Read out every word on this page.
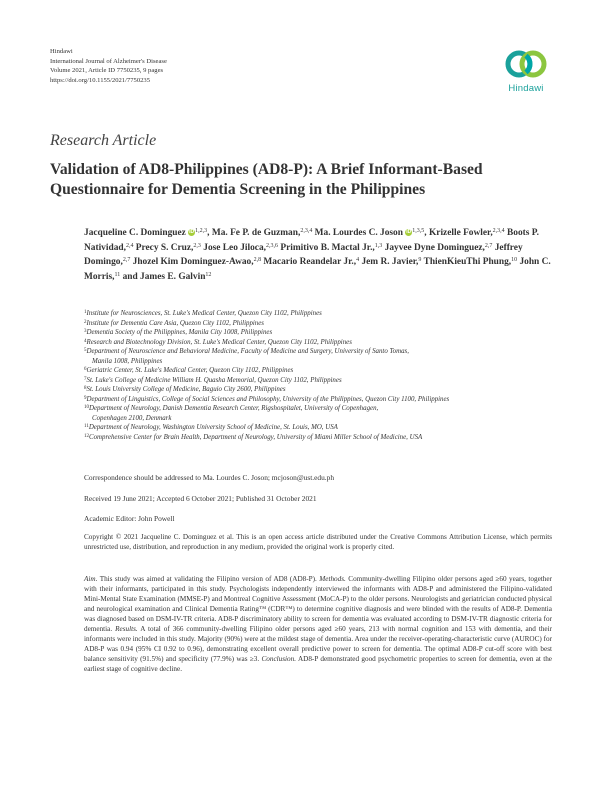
Hindawi
International Journal of Alzheimer's Disease
Volume 2021, Article ID 7750235, 9 pages
https://doi.org/10.1155/2021/7750235
Hindawi
Research Article
Validation of AD8-Philippines (AD8-P): A Brief Informant-Based Questionnaire for Dementia Screening in the Philippines
Jacqueline C. Dominguez iD$^{1,2,3}$, Ma. Fe P. de Guzman,$^{2,3,4}$ Ma. Lourdes C. Joson iD$^{1,3,5}$, Krizelle Fowler,$^{2,3,4}$ Boots P. Natividad,$^{2,4}$ Precy S. Cruz,$^{2,3}$ Jose Leo Jiloca,$^{2,3,6}$ Primitivo B. Mactal Jr.,$^{1,3}$ Jayvee Dyne Dominguez,$^{2,7}$ Jeffrey Domingo,$^{2,7}$ Jhozel Kim Dominguez-Awao,$^{2,8}$ Macario Reandelar Jr.,$^4$ Jem R. Javier,$^9$ ThienKieuThi Phung,$^{10}$ John C. Morris,$^{11}$ and James E. Galvin$^{12}$
$^1$Institute for Neurosciences, St. Luke's Medical Center, Quezon City 1102, Philippines
$^2$Institute for Dementia Care Asia, Quezon City 1102, Philippines
$^3$Dementia Society of the Philippines, Manila City 1008, Philippines
$^4$Research and Biotechnology Division, St. Luke's Medical Center, Quezon City 1102, Philippines
$^5$Department of Neuroscience and Behavioral Medicine, Faculty of Medicine and Surgery, University of Santo Tomas,
Manila 1008, Philippines
$^6$Geriatric Center, St. Luke's Medical Center, Quezon City 1102, Philippines
$^7$St. Luke's College of Medicine William H. Quasha Memorial, Quezon City 1102, Philippines
$^8$St. Louis University College of Medicine, Baguio City 2600, Philippines
$^9$Department of Linguistics, College of Social Sciences and Philosophy, University of the Philippines, Quezon City 1100, Philippines
$^{10}$Department of Neurology, Danish Dementia Research Center, Rigshospitalet, University of Copenhagen,
Copenhagen 2100, Denmark
$^{11}$Department of Neurology, Washington University School of Medicine, St. Louis, MO, USA
$^{12}$Comprehensive Center for Brain Health, Department of Neurology, University of Miami Miller School of Medicine, USA
Correspondence should be addressed to Ma. Lourdes C. Joson; mcjoson@ust.edu.ph
Received 19 June 2021; Accepted 6 October 2021; Published 31 October 2021
Academic Editor: John Powell
Copyright © 2021 Jacqueline C. Dominguez et al. This is an open access article distributed under the Creative Commons Attribution License, which permits unrestricted use, distribution, and reproduction in any medium, provided the original work is properly cited.
Aim. This study was aimed at validating the Filipino version of AD8 (AD8-P). Methods. Community-dwelling Filipino older persons aged ≥60 years, together with their informants, participated in this study. Psychologists independently interviewed the informants with AD8-P and administered the Filipino-validated Mini-Mental State Examination (MMSE-P) and Montreal Cognitive Assessment (MoCA-P) to the older persons. Neurologists and geriatrician conducted physical and neurological examination and Clinical Dementia Rating™ (CDR™) to determine cognitive diagnosis and were blinded with the results of AD8-P. Dementia was diagnosed based on DSM-IV-TR criteria. AD8-P discriminatory ability to screen for dementia was evaluated according to DSM-IV-TR diagnostic criteria for dementia. Results. A total of 366 community-dwelling Filipino older persons aged ≥60 years, 213 with normal cognition and 153 with dementia, and their informants were included in this study. Majority (90%) were at the mildest stage of dementia. Area under the receiver-operating-characteristic curve (AUROC) for AD8-P was 0.94 (95% CI 0.92 to 0.96), demonstrating excellent overall predictive power to screen for dementia. The optimal AD8-P cut-off score with best balance sensitivity (91.5%) and specificity (77.9%) was ≥3. Conclusion. AD8-P demonstrated good psychometric properties to screen for dementia, even at the earliest stage of cognitive decline.
